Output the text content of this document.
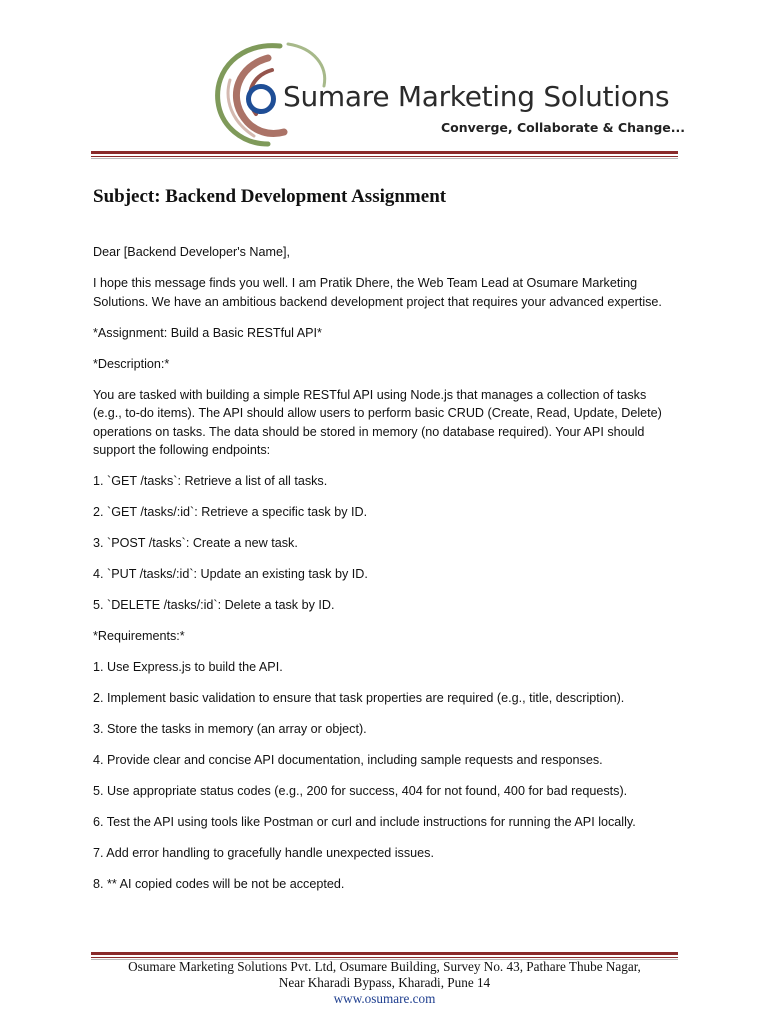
Sumare Marketing Solutions
Converge, Collaborate & Change...
Subject: Backend Development Assignment

Dear [Backend Developer's Name],

I hope this message finds you well. I am Pratik Dhere, the Web Team Lead at Osumare Marketing Solutions. We have an ambitious backend development project that requires your advanced expertise.

*Assignment: Build a Basic RESTful API*

*Description:*

You are tasked with building a simple RESTful API using Node.js that manages a collection of tasks (e.g., to-do items). The API should allow users to perform basic CRUD (Create, Read, Update, Delete) operations on tasks. The data should be stored in memory (no database required). Your API should support the following endpoints:

1. `GET /tasks`: Retrieve a list of all tasks.

2. `GET /tasks/:id`: Retrieve a specific task by ID.

3. `POST /tasks`: Create a new task.

4. `PUT /tasks/:id`: Update an existing task by ID.

5. `DELETE /tasks/:id`: Delete a task by ID.

*Requirements:*

1. Use Express.js to build the API.

2. Implement basic validation to ensure that task properties are required (e.g., title, description).

3. Store the tasks in memory (an array or object).

4. Provide clear and concise API documentation, including sample requests and responses.

5. Use appropriate status codes (e.g., 200 for success, 404 for not found, 400 for bad requests).

6. Test the API using tools like Postman or curl and include instructions for running the API locally.

7. Add error handling to gracefully handle unexpected issues.

8. ** AI copied codes will be not be accepted.

Osumare Marketing Solutions Pvt. Ltd, Osumare Building, Survey No. 43, Pathare Thube Nagar,
Near Kharadi Bypass, Kharadi, Pune 14
www.osumare.com
